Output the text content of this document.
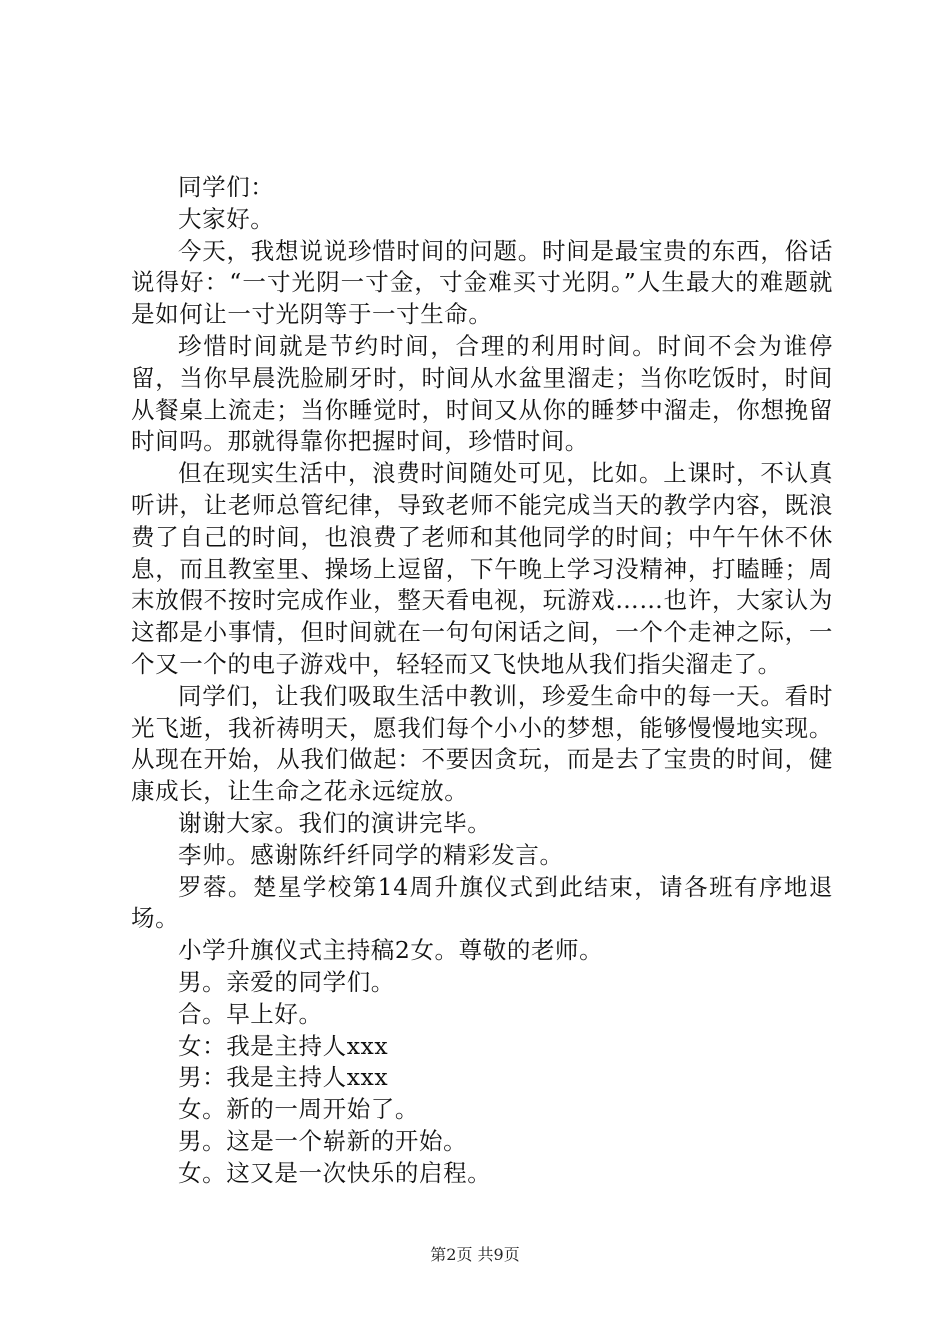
同学们：

大家好。

今天，我想说说珍惜时间的问题。时间是最宝贵的东西，俗话说得好：“一寸光阴一寸金，寸金难买寸光阴。”人生最大的难题就是如何让一寸光阴等于一寸生命。

珍惜时间就是节约时间，合理的利用时间。时间不会为谁停留，当你早晨洗脸刷牙时，时间从水盆里溜走；当你吃饭时，时间从餐桌上流走；当你睡觉时，时间又从你的睡梦中溜走，你想挽留时间吗。那就得靠你把握时间，珍惜时间。

但在现实生活中，浪费时间随处可见，比如。上课时，不认真听讲，让老师总管纪律，导致老师不能完成当天的教学内容，既浪费了自己的时间，也浪费了老师和其他同学的时间；中午午休不休息，而且教室里、操场上逗留，下午晚上学习没精神，打瞌睡；周末放假不按时完成作业，整天看电视，玩游戏……也许，大家认为这都是小事情，但时间就在一句句闲话之间，一个个走神之际，一个又一个的电子游戏中，轻轻而又飞快地从我们指尖溜走了。

同学们，让我们吸取生活中教训，珍爱生命中的每一天。看时光飞逝，我祈祷明天，愿我们每个小小的梦想，能够慢慢地实现。从现在开始，从我们做起：不要因贪玩，而是去了宝贵的时间，健康成长，让生命之花永远绽放。

谢谢大家。我们的演讲完毕。

李帅。感谢陈纤纤同学的精彩发言。

罗蓉。楚星学校第14周升旗仪式到此结束，请各班有序地退场。

小学升旗仪式主持稿2女。尊敬的老师。

男。亲爱的同学们。

合。早上好。

女：我是主持人xxx

男：我是主持人xxx

女。新的一周开始了。

男。这是一个崭新的开始。

女。这又是一次快乐的启程。

第2页 共9页
